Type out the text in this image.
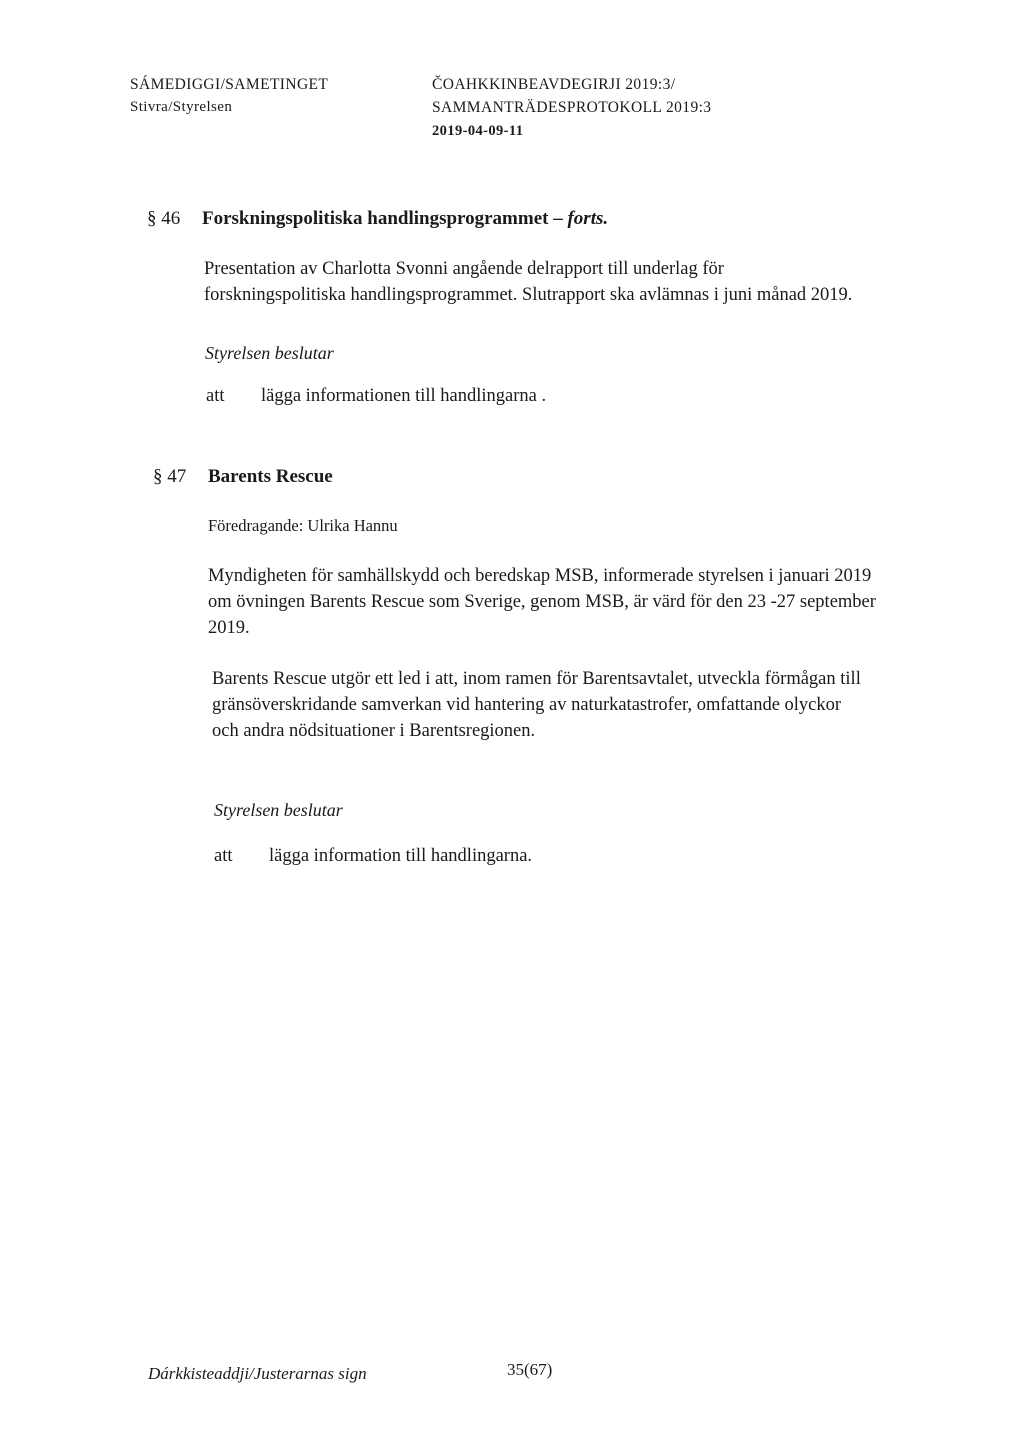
SÁMEDIGGI/SAMETINGET
Stivra/Styrelsen
ČOAHKKINBEAVDEGIRJI 2019:3/
SAMMANTRÄDESPROTOKOLL 2019:3
2019-04-09-11
§ 46 Forskningspolitiska handlingsprogrammet – forts.
Presentation av Charlotta Svonni angående delrapport till underlag för
forskningspolitiska handlingsprogrammet. Slutrapport ska avlämnas i juni månad 2019.
Styrelsen beslutar
att lägga informationen till handlingarna .
§ 47 Barents Rescue
Föredragande: Ulrika Hannu
Myndigheten för samhällskydd och beredskap MSB, informerade styrelsen i januari 2019
om övningen Barents Rescue som Sverige, genom MSB, är värd för den 23 -27 september
2019.
Barents Rescue utgör ett led i att, inom ramen för Barentsavtalet, utveckla förmågan till
gränsöverskridande samverkan vid hantering av naturkatastrofer, omfattande olyckor
och andra nödsituationer i Barentsregionen.
Styrelsen beslutar
att lägga information till handlingarna.
Dárkkisteaddji/Justerarnas sign	35(67)
